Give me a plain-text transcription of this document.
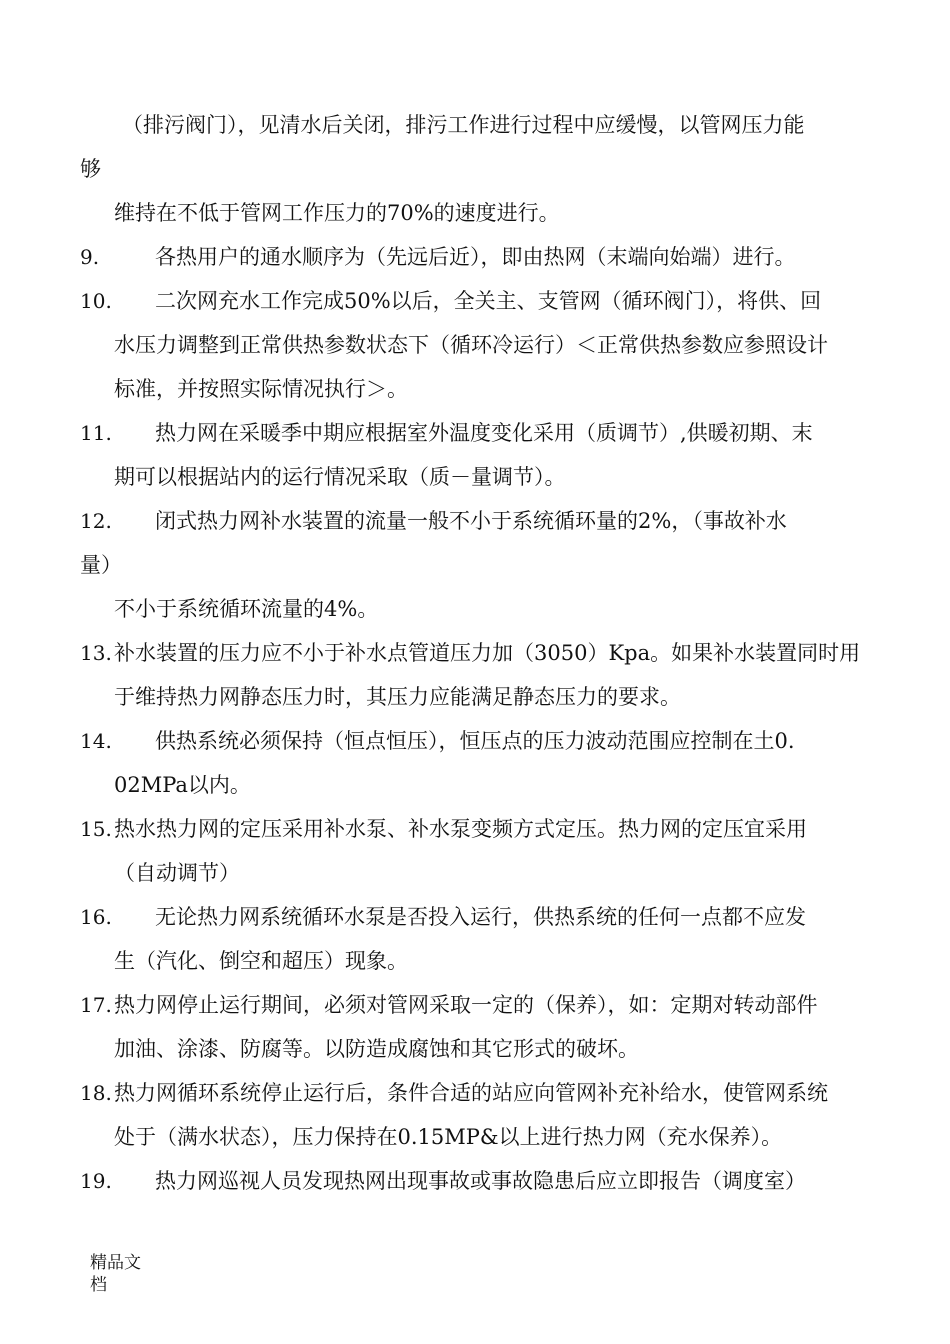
（排污阀门），见清水后关闭，排污工作进行过程中应缓慢，以管网压力能
够
维持在不低于管网工作压力的70%的速度进行。
9.	各热用户的通水顺序为（先远后近），即由热网（末端向始端）进行。
10. 二次网充水工作完成50%以后，全关主、支管网（循环阀门），将供、回
水压力调整到正常供热参数状态下（循环冷运行）＜正常供热参数应参照设计
标准，并按照实际情况执行＞。
11. 热力网在采暖季中期应根据室外温度变化采用（质调节）,供暖初期、末
期可以根据站内的运行情况采取（质－量调节）。
12. 闭式热力网补水装置的流量一般不小于系统循环量的2%，（事故补水
量）
不小于系统循环流量的4%。
13. 补水装置的压力应不小于补水点管道压力加（3050）Kpa。如果补水装置同时用
于维持热力网静态压力时，其压力应能满足静态压力的要求。
14. 供热系统必须保持（恒点恒压），恒压点的压力波动范围应控制在土0.
02MPa以内。
15. 热水热力网的定压采用补水泵、补水泵变频方式定压。热力网的定压宜采用
（自动调节）
16. 无论热力网系统循环水泵是否投入运行，供热系统的任何一点都不应发
生（汽化、倒空和超压）现象。
17. 热力网停止运行期间，必须对管网采取一定的（保养），如：定期对转动部件
加油、涂漆、防腐等。以防造成腐蚀和其它形式的破坏。
18. 热力网循环系统停止运行后，条件合适的站应向管网补充补给水，使管网系统
处于（满水状态），压力保持在0.15MP&以上进行热力网（充水保养）。
19. 热力网巡视人员发现热网出现事故或事故隐患后应立即报告（调度室）
精品文
档
